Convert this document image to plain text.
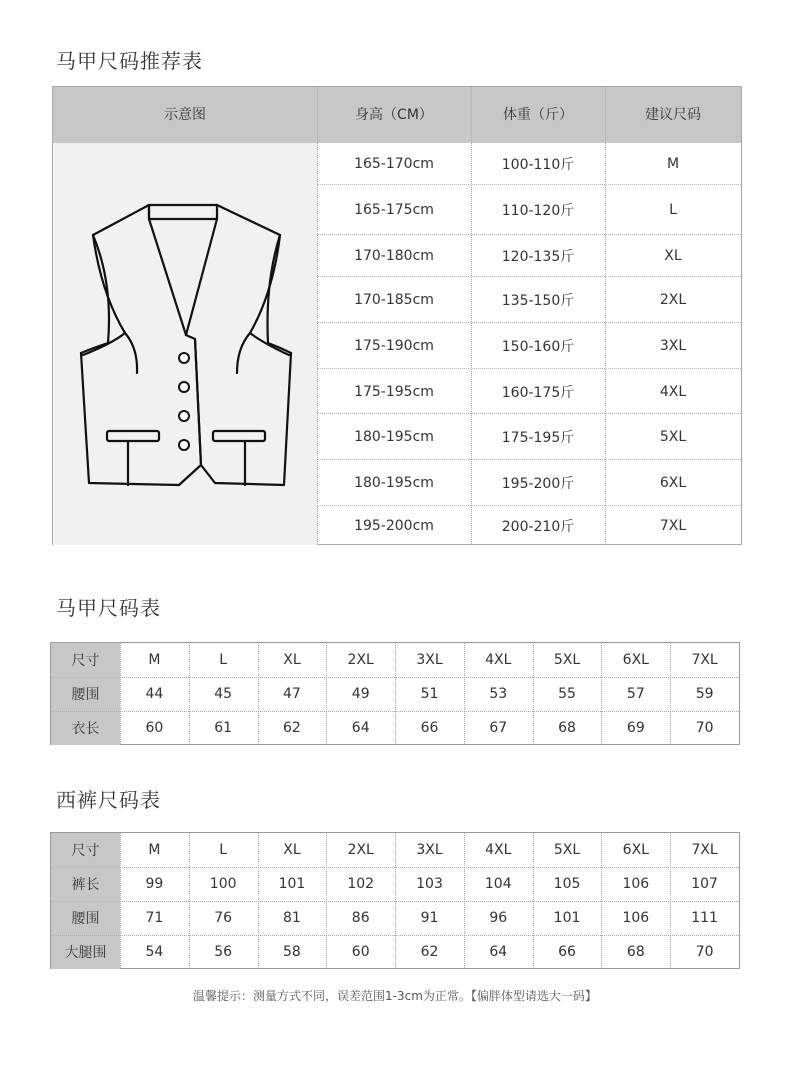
马甲尺码推荐表
示意图	身高（CM）	体重（斤）	建议尺码
165-170cm	100-110斤	M
165-175cm	110-120斤	L
170-180cm	120-135斤	XL
170-185cm	135-150斤	2XL
175-190cm	150-160斤	3XL
175-195cm	160-175斤	4XL
180-195cm	175-195斤	5XL
180-195cm	195-200斤	6XL
195-200cm	200-210斤	7XL
马甲尺码表
尺寸	M	L	XL	2XL	3XL	4XL	5XL	6XL	7XL
腰围	44	45	47	49	51	53	55	57	59
衣长	60	61	62	64	66	67	68	69	70
西裤尺码表
尺寸	M	L	XL	2XL	3XL	4XL	5XL	6XL	7XL
裤长	99	100	101	102	103	104	105	106	107
腰围	71	76	81	86	91	96	101	106	111
大腿围	54	56	58	60	62	64	66	68	70
温馨提示：测量方式不同，误差范围1-3cm为正常。【偏胖体型请选大一码】
